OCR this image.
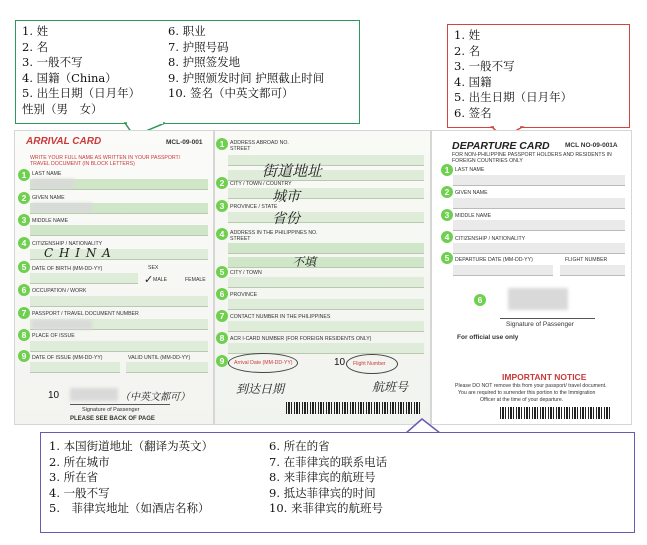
1. 姓
2. 名
3. 一般不写
4. 国籍（China）
5. 出生日期（日月年）
性别（男　女）
6. 职业
7. 护照号码
8. 护照签发地
9. 护照颁发时间 护照截止时间
10. 签名（中英文都可）
1. 姓
2. 名
3. 一般不写
4. 国籍
5. 出生日期（日月年）
6. 签名
ARRIVAL CARD	MCL-09-001
WRITE YOUR FULL NAME AS WRITTEN IN YOUR PASSPORT/ TRAVEL DOCUMENT (IN BLOCK LETTERS)
1	LAST NAME
2	GIVEN NAME
3	MIDDLE NAME
4	CITIZENSHIP / NATIONALITY
C H I N A
5	DATE OF BIRTH (MM-DD-YY)	SEX
✓ MALE	FEMALE
6	OCCUPATION / WORK
7	PASSPORT / TRAVEL DOCUMENT NUMBER
8	PLACE OF ISSUE
9	DATE OF ISSUE (MM-DD-YY)	VALID UNTIL (MM-DD-YY)
10	（中英文都可）
Signature of Passenger
PLEASE SEE BACK OF PAGE
1	ADDRESS ABROAD NO. STREET
街道地址
2	CITY / TOWN / COUNTRY
城市
3	PROVINCE / STATE
省份
4	ADDRESS IN THE PHILIPPINES NO. STREET
不填
5	CITY / TOWN
6	PROVINCE
7	CONTACT NUMBER IN THE PHILIPPINES
8	ACR I-CARD NUMBER (FOR FOREIGN RESIDENTS ONLY)
9	Arrival Date (MM-DD-YY)
到达日期
10 Flight Number
航班号
DEPARTURE CARD MCL NO-09-001A
FOR NON-PHILIPPINE PASSPORT HOLDERS AND RESIDENTS IN FOREIGN COUNTRIES ONLY
1	LAST NAME
2	GIVEN NAME
3	MIDDLE NAME
4	CITIZENSHIP / NATIONALITY
5	DEPARTURE DATE (MM-DD-YY)	FLIGHT NUMBER
6
Signature of Passenger
For official use only
IMPORTANT NOTICE
Please DO NOT remove this from your passport/ travel document.
You are required to surrender this portion to the Immigration
Officer at the time of your departure.
1. 本国街道地址（翻译为英文）
2. 所在城市
3. 所在省
4. 一般不写
5.　菲律宾地址（如酒店名称）
6. 所在的省
7. 在菲律宾的联系电话
8. 来菲律宾的航班号
9. 抵达菲律宾的时间
10. 来菲律宾的航班号
